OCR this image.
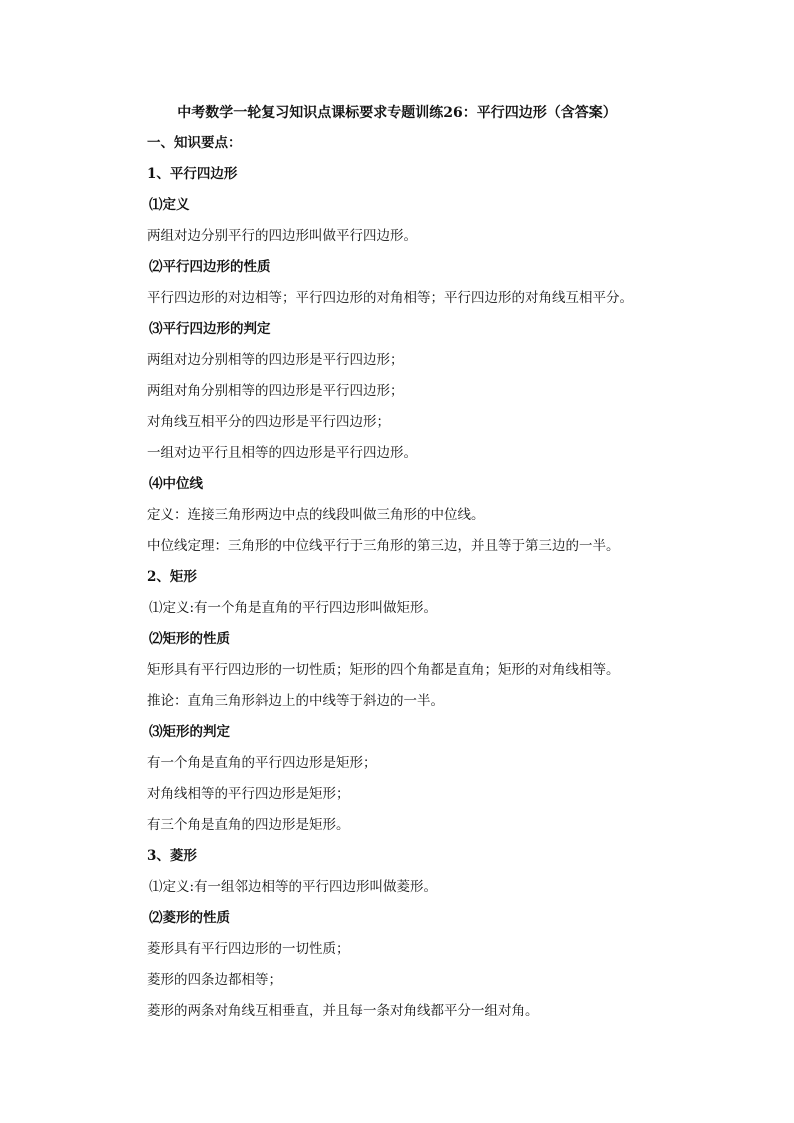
中考数学一轮复习知识点课标要求专题训练26：平行四边形（含答案）
一、知识要点：
1、平行四边形
⑴定义
两组对边分别平行的四边形叫做平行四边形。
⑵平行四边形的性质
平行四边形的对边相等；平行四边形的对角相等；平行四边形的对角线互相平分。
⑶平行四边形的判定
两组对边分别相等的四边形是平行四边形；
两组对角分别相等的四边形是平行四边形；
对角线互相平分的四边形是平行四边形；
一组对边平行且相等的四边形是平行四边形。
⑷中位线
定义：连接三角形两边中点的线段叫做三角形的中位线。
中位线定理：三角形的中位线平行于三角形的第三边，并且等于第三边的一半。
2、矩形
⑴定义:有一个角是直角的平行四边形叫做矩形。
⑵矩形的性质
矩形具有平行四边形的一切性质；矩形的四个角都是直角；矩形的对角线相等。
推论：直角三角形斜边上的中线等于斜边的一半。
⑶矩形的判定
有一个角是直角的平行四边形是矩形；
对角线相等的平行四边形是矩形；
有三个角是直角的四边形是矩形。
3、菱形
⑴定义:有一组邻边相等的平行四边形叫做菱形。
⑵菱形的性质
菱形具有平行四边形的一切性质；
菱形的四条边都相等；
菱形的两条对角线互相垂直，并且每一条对角线都平分一组对角。
